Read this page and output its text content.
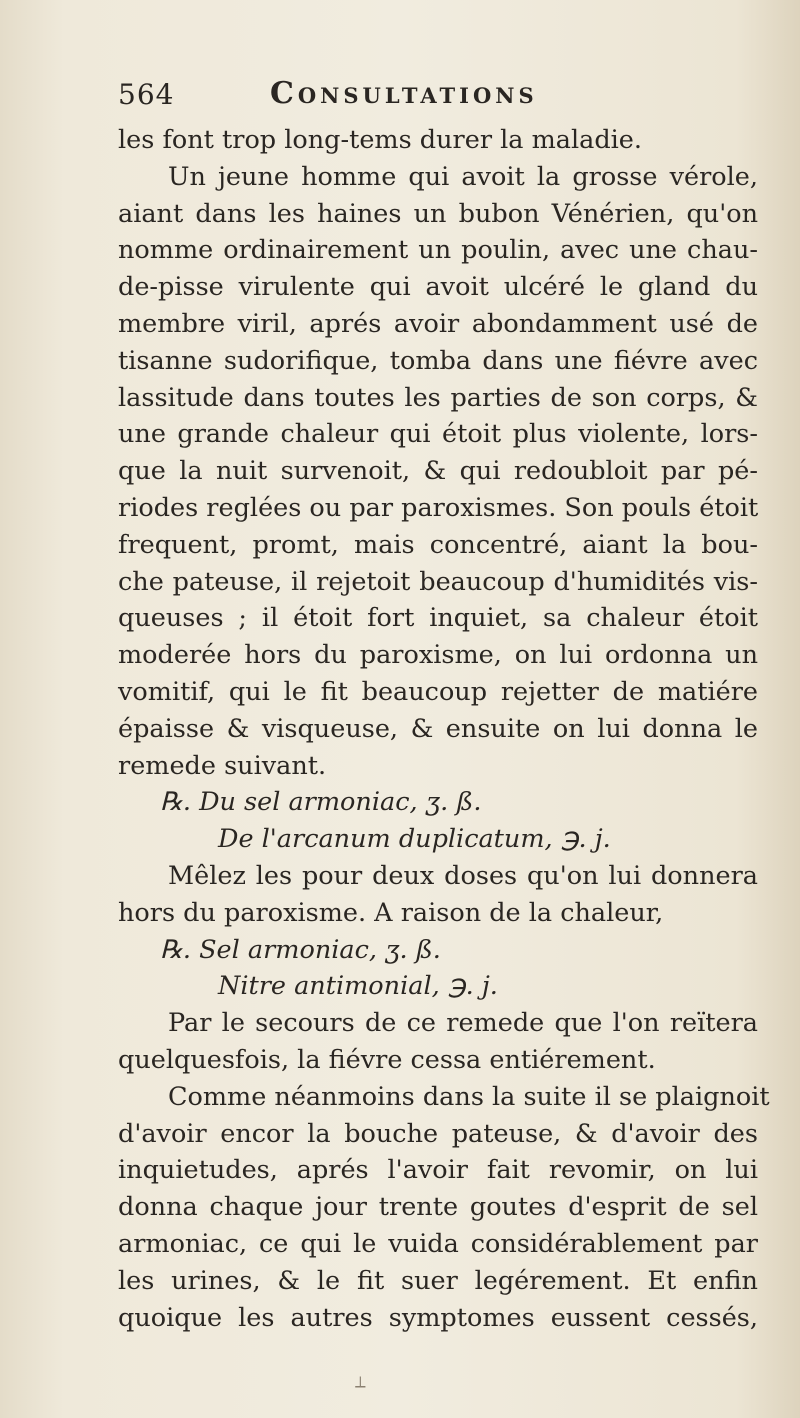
564	Consultations
les font trop long-tems durer la maladie.
Un jeune homme qui avoit la grosse vérole,
aiant dans les haines un bubon Vénérien, qu'on
nomme ordinairement un poulin, avec une chau-
de-pisse virulente qui avoit ulcéré le gland du
membre viril, aprés avoir abondamment usé de
tisanne sudorifique, tomba dans une fiévre avec
lassitude dans toutes les parties de son corps, &
une grande chaleur qui étoit plus violente, lors-
que la nuit survenoit, & qui redoubloit par pé-
riodes reglées ou par paroxismes. Son pouls étoit
frequent, promt, mais concentré, aiant la bou-
che pateuse, il rejetoit beaucoup d'humidités vis-
queuses ; il étoit fort inquiet, sa chaleur étoit
moderée hors du paroxisme, on lui ordonna un
vomitif, qui le fit beaucoup rejetter de matiére
épaisse & visqueuse, & ensuite on lui donna le
remede suivant.
℞. Du sel armoniac, ʒ. ß.
De l'arcanum duplicatum, ℈. j.
Mêlez les pour deux doses qu'on lui donnera
hors du paroxisme. A raison de la chaleur,
℞. Sel armoniac, ʒ. ß.
Nitre antimonial, ℈. j.
Par le secours de ce remede que l'on reïtera
quelquesfois, la fiévre cessa entiérement.
Comme néanmoins dans la suite il se plaignoit
d'avoir encor la bouche pateuse, & d'avoir des
inquietudes, aprés l'avoir fait revomir, on lui
donna chaque jour trente goutes d'esprit de sel
armoniac, ce qui le vuida considérablement par
les urines, & le fit suer legérement. Et enfin
quoique les autres symptomes eussent cessés,
⟂
